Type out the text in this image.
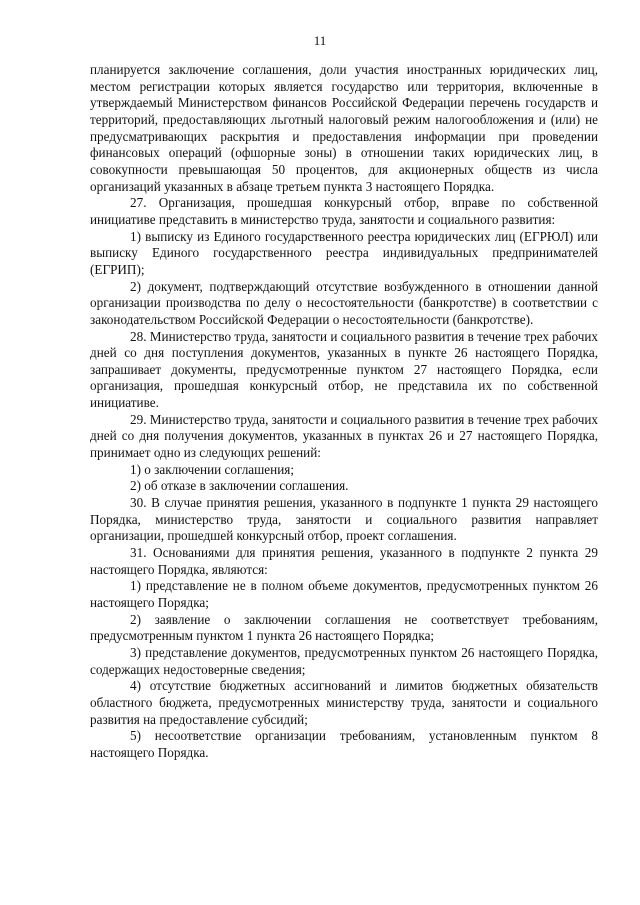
11

планируется заключение соглашения, доли участия иностранных юридических лиц, местом регистрации которых является государство или территория, включенные в утверждаемый Министерством финансов Российской Федерации перечень государств и территорий, предоставляющих льготный налоговый режим налогообложения и (или) не предусматривающих раскрытия и предоставления информации при проведении финансовых операций (офшорные зоны) в отношении таких юридических лиц, в совокупности превышающая 50 процентов, для акционерных обществ из числа организаций указанных в абзаце третьем пункта 3 настоящего Порядка.

27. Организация, прошедшая конкурсный отбор, вправе по собственной инициативе представить в министерство труда, занятости и социального развития:

1) выписку из Единого государственного реестра юридических лиц (ЕГРЮЛ) или выписку Единого государственного реестра индивидуальных предпринимателей (ЕГРИП);

2) документ, подтверждающий отсутствие возбужденного в отношении данной организации производства по делу о несостоятельности (банкротстве) в соответствии с законодательством Российской Федерации о несостоятельности (банкротстве).

28. Министерство труда, занятости и социального развития в течение трех рабочих дней со дня поступления документов, указанных в пункте 26 настоящего Порядка, запрашивает документы, предусмотренные пунктом 27 настоящего Порядка, если организация, прошедшая конкурсный отбор, не представила их по собственной инициативе.

29. Министерство труда, занятости и социального развития в течение трех рабочих дней со дня получения документов, указанных в пунктах 26 и 27 настоящего Порядка, принимает одно из следующих решений:

1) о заключении соглашения;

2) об отказе в заключении соглашения.

30. В случае принятия решения, указанного в подпункте 1 пункта 29 настоящего Порядка, министерство труда, занятости и социального развития направляет организации, прошедшей конкурсный отбор, проект соглашения.

31. Основаниями для принятия решения, указанного в подпункте 2 пункта 29 настоящего Порядка, являются:

1) представление не в полном объеме документов, предусмотренных пунктом 26 настоящего Порядка;

2) заявление о заключении соглашения не соответствует требованиям, предусмотренным пунктом 1 пункта 26 настоящего Порядка;

3) представление документов, предусмотренных пунктом 26 настоящего Порядка, содержащих недостоверные сведения;

4) отсутствие бюджетных ассигнований и лимитов бюджетных обязательств областного бюджета, предусмотренных министерству труда, занятости и социального развития на предоставление субсидий;

5) несоответствие организации требованиям, установленным пунктом 8 настоящего Порядка.
